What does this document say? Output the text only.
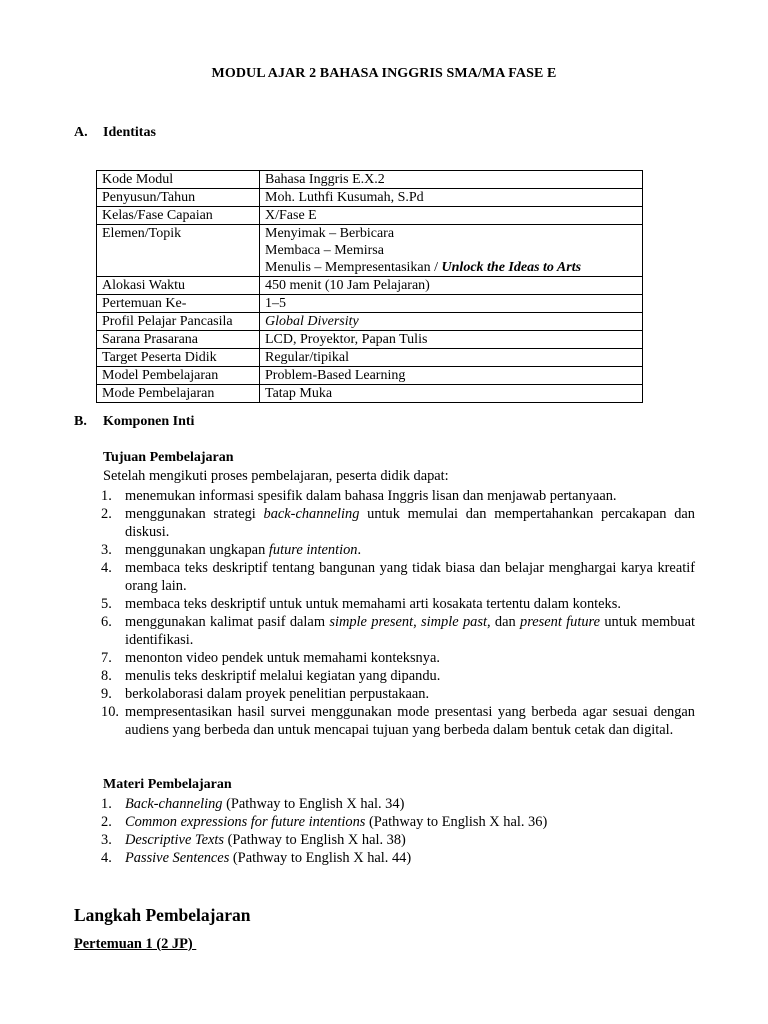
MODUL AJAR 2 BAHASA INGGRIS SMA/MA FASE E
A. Identitas
Kode Modul	Bahasa Inggris E.X.2
Penyusun/Tahun	Moh. Luthfi Kusumah, S.Pd
Kelas/Fase Capaian	X/Fase E
Elemen/Topik	Menyimak – Berbicara
Membaca – Memirsa
Menulis – Mempresentasikan / Unlock the Ideas to Arts
Alokasi Waktu	450 menit (10 Jam Pelajaran)
Pertemuan Ke-	1–5
Profil Pelajar Pancasila	Global Diversity
Sarana Prasarana	LCD, Proyektor, Papan Tulis
Target Peserta Didik	Regular/tipikal
Model Pembelajaran	Problem-Based Learning
Mode Pembelajaran	Tatap Muka
B. Komponen Inti
Tujuan Pembelajaran
Setelah mengikuti proses pembelajaran, peserta didik dapat:
1. menemukan informasi spesifik dalam bahasa Inggris lisan dan menjawab pertanyaan.
2. menggunakan strategi back-channeling untuk memulai dan mempertahankan percakapan dan diskusi.
3. menggunakan ungkapan future intention.
4. membaca teks deskriptif tentang bangunan yang tidak biasa dan belajar menghargai karya kreatif orang lain.
5. membaca teks deskriptif untuk untuk memahami arti kosakata tertentu dalam konteks.
6. menggunakan kalimat pasif dalam simple present, simple past, dan present future untuk membuat identifikasi.
7. menonton video pendek untuk memahami konteksnya.
8. menulis teks deskriptif melalui kegiatan yang dipandu.
9. berkolaborasi dalam proyek penelitian perpustakaan.
10. mempresentasikan hasil survei menggunakan mode presentasi yang berbeda agar sesuai dengan audiens yang berbeda dan untuk mencapai tujuan yang berbeda dalam bentuk cetak dan digital.
Materi Pembelajaran
1. Back-channeling (Pathway to English X hal. 34)
2. Common expressions for future intentions (Pathway to English X hal. 36)
3. Descriptive Texts (Pathway to English X hal. 38)
4. Passive Sentences (Pathway to English X hal. 44)
Langkah Pembelajaran
Pertemuan 1 (2 JP)
